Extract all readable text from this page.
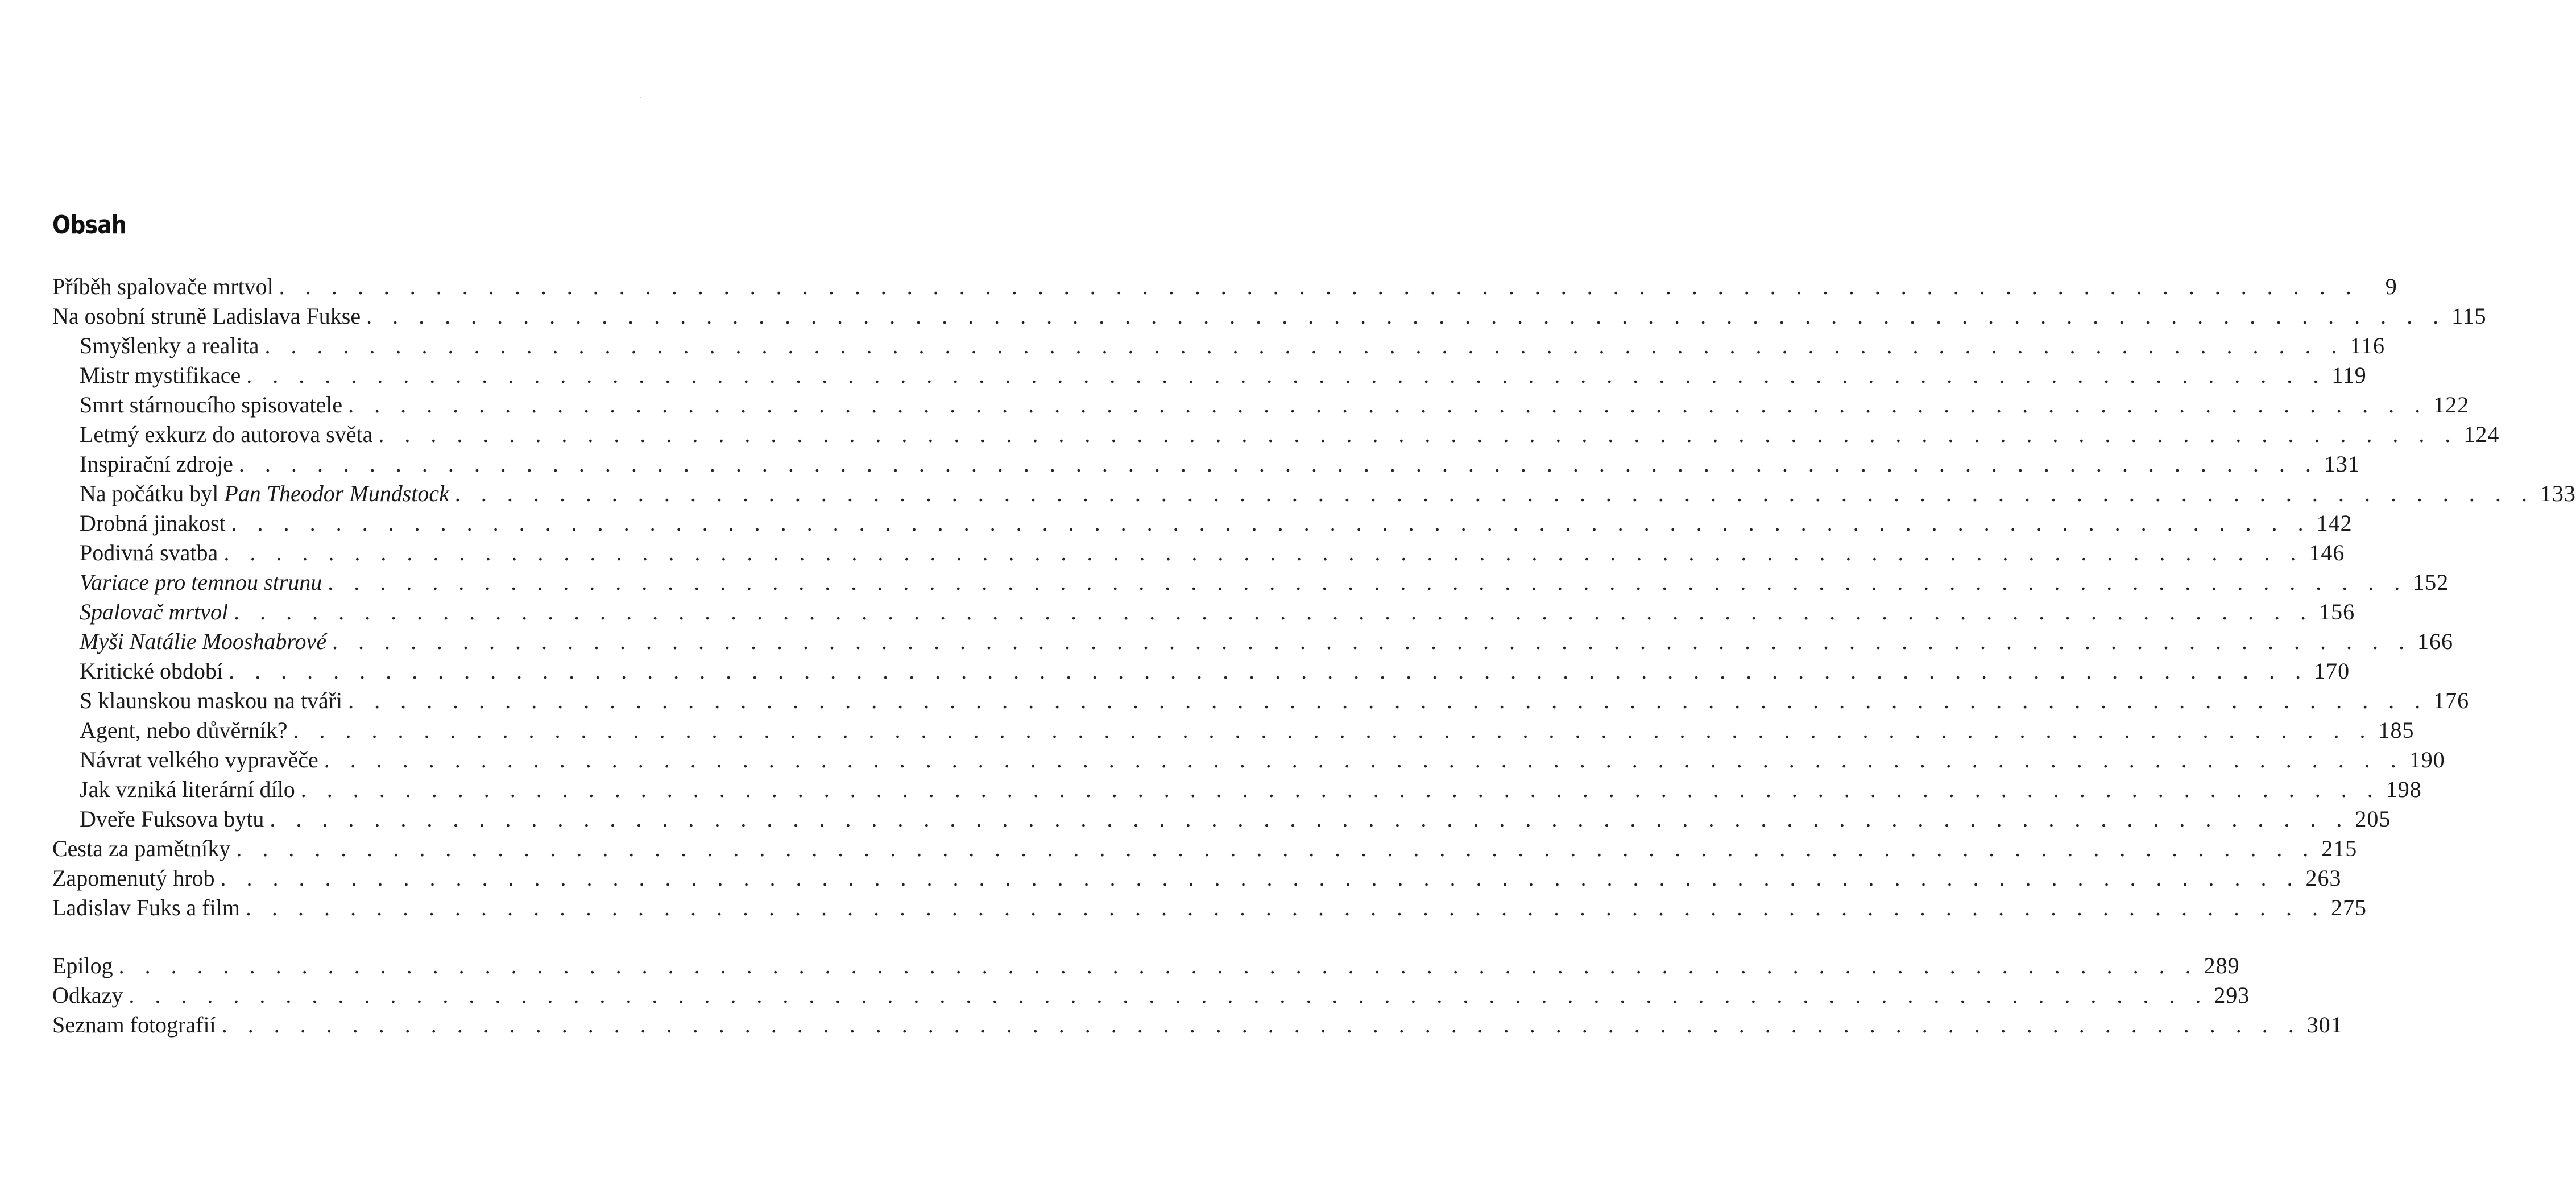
Obsah
Příběh spalovače mrtvol . . . . . . . . . . . . . . . . . . . . . . . . . . . . . . . . . . . . . . . . . . . . . . . . . . . . . . . . . . . . . . . . . . . . . . . . . . . . . . . .	9
Na osobní struně Ladislava Fukse . . . . . . . . . . . . . . . . . . . . . . . . . . . . . . . . . . . . . . . . . . . . . . . . . . . . . . . . . . . . . . . . . . . . . . . . . . . . . . . . 115
Smyšlenky a realita . . . . . . . . . . . . . . . . . . . . . . . . . . . . . . . . . . . . . . . . . . . . . . . . . . . . . . . . . . . . . . . . . . . . . . . . . . . . . . . . 116
Mistr mystifikace . . . . . . . . . . . . . . . . . . . . . . . . . . . . . . . . . . . . . . . . . . . . . . . . . . . . . . . . . . . . . . . . . . . . . . . . . . . . . . . . 119
Smrt stárnoucího spisovatele . . . . . . . . . . . . . . . . . . . . . . . . . . . . . . . . . . . . . . . . . . . . . . . . . . . . . . . . . . . . . . . . . . . . . . . . . . . . . . . . 122
Letmý exkurz do autorova světa . . . . . . . . . . . . . . . . . . . . . . . . . . . . . . . . . . . . . . . . . . . . . . . . . . . . . . . . . . . . . . . . . . . . . . . . . . . . . . . . 124
Inspirační zdroje . . . . . . . . . . . . . . . . . . . . . . . . . . . . . . . . . . . . . . . . . . . . . . . . . . . . . . . . . . . . . . . . . . . . . . . . . . . . . . . . 131
Na počátku byl Pan Theodor Mundstock . . . . . . . . . . . . . . . . . . . . . . . . . . . . . . . . . . . . . . . . . . . . . . . . . . . . . . . . . . . . . . . . . . . . . . . . . . . . . . . . 133
Drobná jinakost . . . . . . . . . . . . . . . . . . . . . . . . . . . . . . . . . . . . . . . . . . . . . . . . . . . . . . . . . . . . . . . . . . . . . . . . . . . . . . . . 142
Podivná svatba . . . . . . . . . . . . . . . . . . . . . . . . . . . . . . . . . . . . . . . . . . . . . . . . . . . . . . . . . . . . . . . . . . . . . . . . . . . . . . . . 146
Variace pro temnou strunu . . . . . . . . . . . . . . . . . . . . . . . . . . . . . . . . . . . . . . . . . . . . . . . . . . . . . . . . . . . . . . . . . . . . . . . . . . . . . . . . 152
Spalovač mrtvol . . . . . . . . . . . . . . . . . . . . . . . . . . . . . . . . . . . . . . . . . . . . . . . . . . . . . . . . . . . . . . . . . . . . . . . . . . . . . . . . 156
Myši Natálie Mooshabrové . . . . . . . . . . . . . . . . . . . . . . . . . . . . . . . . . . . . . . . . . . . . . . . . . . . . . . . . . . . . . . . . . . . . . . . . . . . . . . . . 166
Kritické období . . . . . . . . . . . . . . . . . . . . . . . . . . . . . . . . . . . . . . . . . . . . . . . . . . . . . . . . . . . . . . . . . . . . . . . . . . . . . . . . 170
S klaunskou maskou na tváři . . . . . . . . . . . . . . . . . . . . . . . . . . . . . . . . . . . . . . . . . . . . . . . . . . . . . . . . . . . . . . . . . . . . . . . . . . . . . . . . 176
Agent, nebo důvěrník? . . . . . . . . . . . . . . . . . . . . . . . . . . . . . . . . . . . . . . . . . . . . . . . . . . . . . . . . . . . . . . . . . . . . . . . . . . . . . . . . 185
Návrat velkého vypravěče . . . . . . . . . . . . . . . . . . . . . . . . . . . . . . . . . . . . . . . . . . . . . . . . . . . . . . . . . . . . . . . . . . . . . . . . . . . . . . . . 190
Jak vzniká literární dílo . . . . . . . . . . . . . . . . . . . . . . . . . . . . . . . . . . . . . . . . . . . . . . . . . . . . . . . . . . . . . . . . . . . . . . . . . . . . . . . . 198
Dveře Fuksova bytu . . . . . . . . . . . . . . . . . . . . . . . . . . . . . . . . . . . . . . . . . . . . . . . . . . . . . . . . . . . . . . . . . . . . . . . . . . . . . . . . 205
Cesta za pamětníky . . . . . . . . . . . . . . . . . . . . . . . . . . . . . . . . . . . . . . . . . . . . . . . . . . . . . . . . . . . . . . . . . . . . . . . . . . . . . . . . 215
Zapomenutý hrob . . . . . . . . . . . . . . . . . . . . . . . . . . . . . . . . . . . . . . . . . . . . . . . . . . . . . . . . . . . . . . . . . . . . . . . . . . . . . . . . 263
Ladislav Fuks a film . . . . . . . . . . . . . . . . . . . . . . . . . . . . . . . . . . . . . . . . . . . . . . . . . . . . . . . . . . . . . . . . . . . . . . . . . . . . . . . . 275
Epilog . . . . . . . . . . . . . . . . . . . . . . . . . . . . . . . . . . . . . . . . . . . . . . . . . . . . . . . . . . . . . . . . . . . . . . . . . . . . . . . . 289
Odkazy . . . . . . . . . . . . . . . . . . . . . . . . . . . . . . . . . . . . . . . . . . . . . . . . . . . . . . . . . . . . . . . . . . . . . . . . . . . . . . . . 293
Seznam fotografií . . . . . . . . . . . . . . . . . . . . . . . . . . . . . . . . . . . . . . . . . . . . . . . . . . . . . . . . . . . . . . . . . . . . . . . . . . . . . . . . 301
